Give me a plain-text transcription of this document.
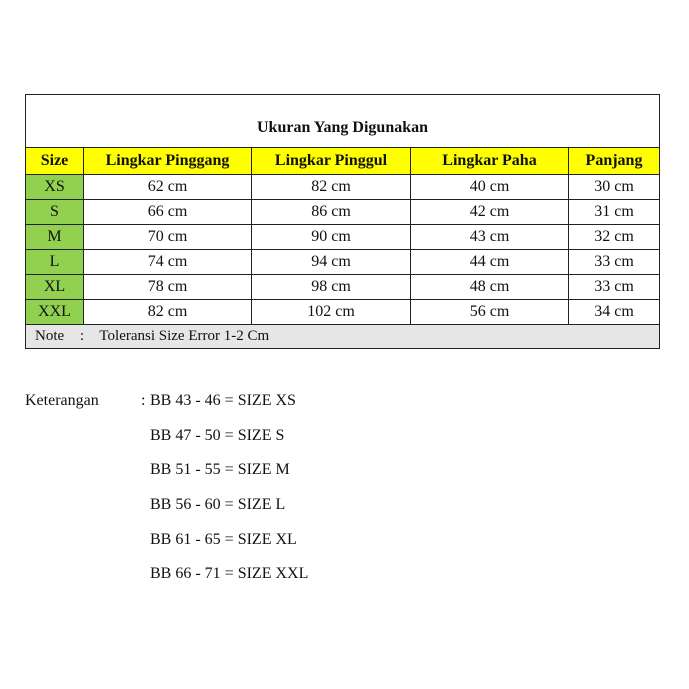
Ukuran Yang Digunakan				
Size	Lingkar Pinggang	Lingkar Pinggul	Lingkar Paha	Panjang
XS	62 cm	82 cm	40 cm	30 cm
S	66 cm	86 cm	42 cm	31 cm
M	70 cm	90 cm	43 cm	32 cm
L	74 cm	94 cm	44 cm	33 cm
XL	78 cm	98 cm	48 cm	33 cm
XXL	82 cm	102 cm	56 cm	34 cm
Note : Toleransi Size Error 1-2 Cm				
Keterangan	: BB 43 - 46 = SIZE XS
BB 47 - 50 = SIZE S
BB 51 - 55 = SIZE M
BB 56 - 60 = SIZE L
BB 61 - 65 = SIZE XL
BB 66 - 71 = SIZE XXL
